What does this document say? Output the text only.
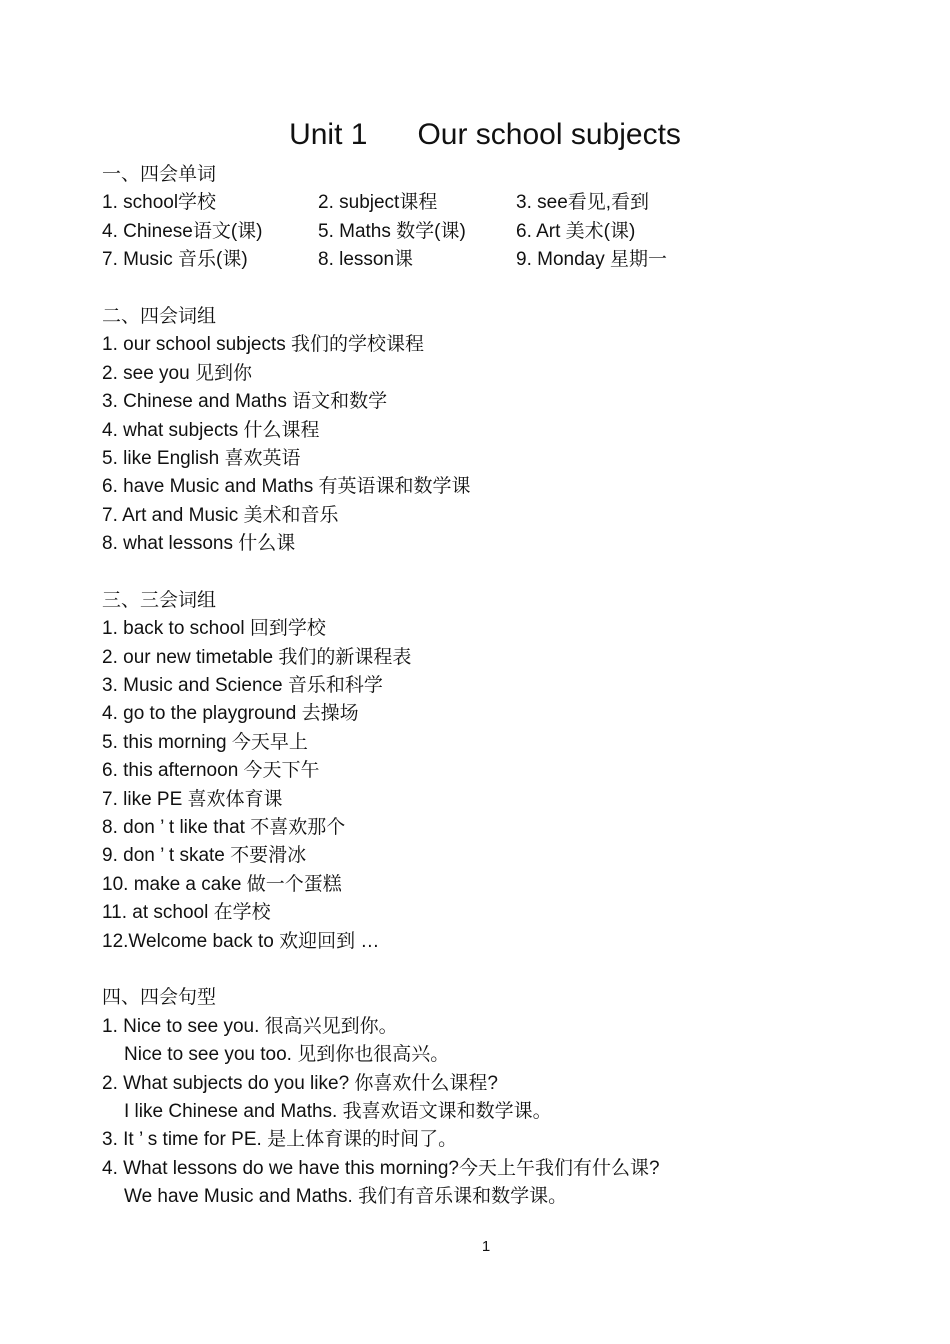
Unit 1      Our school subjects
一、四会单词
1. school学校	2. subject课程	3. see看见,看到
4. Chinese语文(课)	5. Maths 数学(课)	6. Art 美术(课)
7. Music 音乐(课)	8. lesson课	9. Monday 星期一
二、四会词组
1. our school subjects 我们的学校课程
2. see you 见到你
3. Chinese and Maths 语文和数学
4. what subjects 什么课程
5. like English 喜欢英语
6. have Music and Maths 有英语课和数学课
7. Art and Music 美术和音乐
8. what lessons 什么课
三、三会词组
1. back to school 回到学校
2. our new timetable 我们的新课程表
3. Music and Science 音乐和科学
4. go to the playground 去操场
5. this morning 今天早上
6. this afternoon 今天下午
7. like PE 喜欢体育课
8. don ’ t like that 不喜欢那个
9. don ’ t skate 不要滑冰
10. make a cake 做一个蛋糕
11. at school 在学校
12.Welcome back to 欢迎回到 …
四、四会句型
1. Nice to see you. 很高兴见到你。
Nice to see you too. 见到你也很高兴。
2. What subjects do you like? 你喜欢什么课程?
I like Chinese and Maths. 我喜欢语文课和数学课。
3. It ’ s time for PE. 是上体育课的时间了。
4. What lessons do we have this morning?今天上午我们有什么课?
We have Music and Maths. 我们有音乐课和数学课。
1
